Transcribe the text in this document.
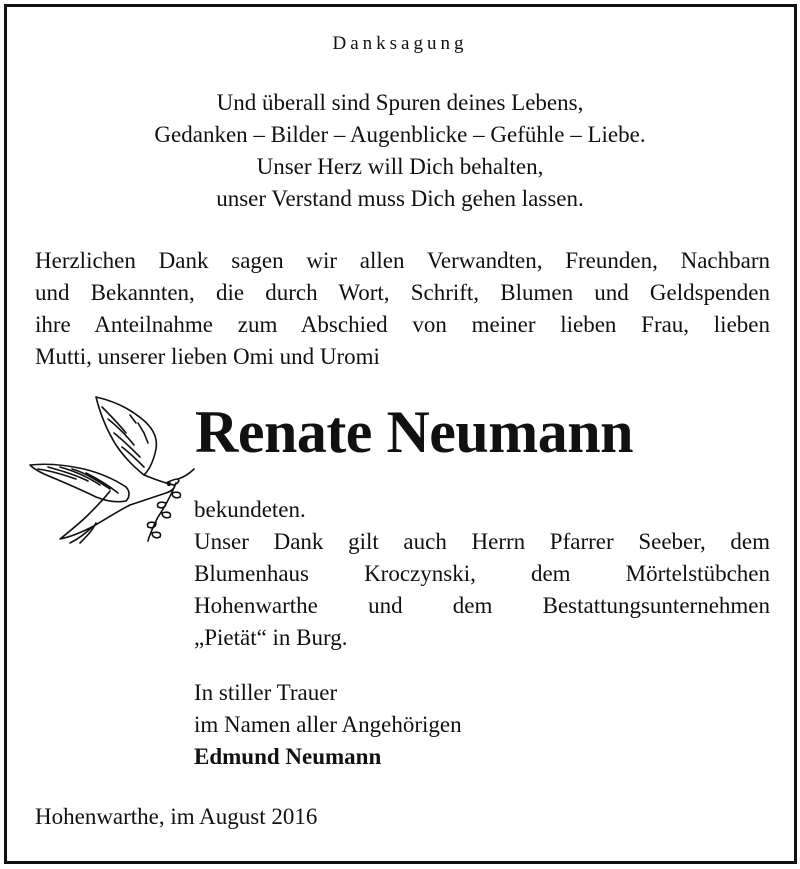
Danksagung
Und überall sind Spuren deines Lebens,
Gedanken – Bilder – Augenblicke – Gefühle – Liebe.
Unser Herz will Dich behalten,
unser Verstand muss Dich gehen lassen.
Herzlichen Dank sagen wir allen Verwandten, Freunden, Nachbarn
und Bekannten, die durch Wort, Schrift, Blumen und Geldspenden
ihre Anteilnahme zum Abschied von meiner lieben Frau, lieben
Mutti, unserer lieben Omi und Uromi
Renate Neumann
bekundeten.
Unser Dank gilt auch Herrn Pfarrer Seeber, dem
Blumenhaus Kroczynski, dem Mörtelstübchen
Hohenwarthe und dem Bestattungsunternehmen
„Pietät“ in Burg.
In stiller Trauer
im Namen aller Angehörigen
Edmund Neumann
Hohenwarthe, im August 2016
